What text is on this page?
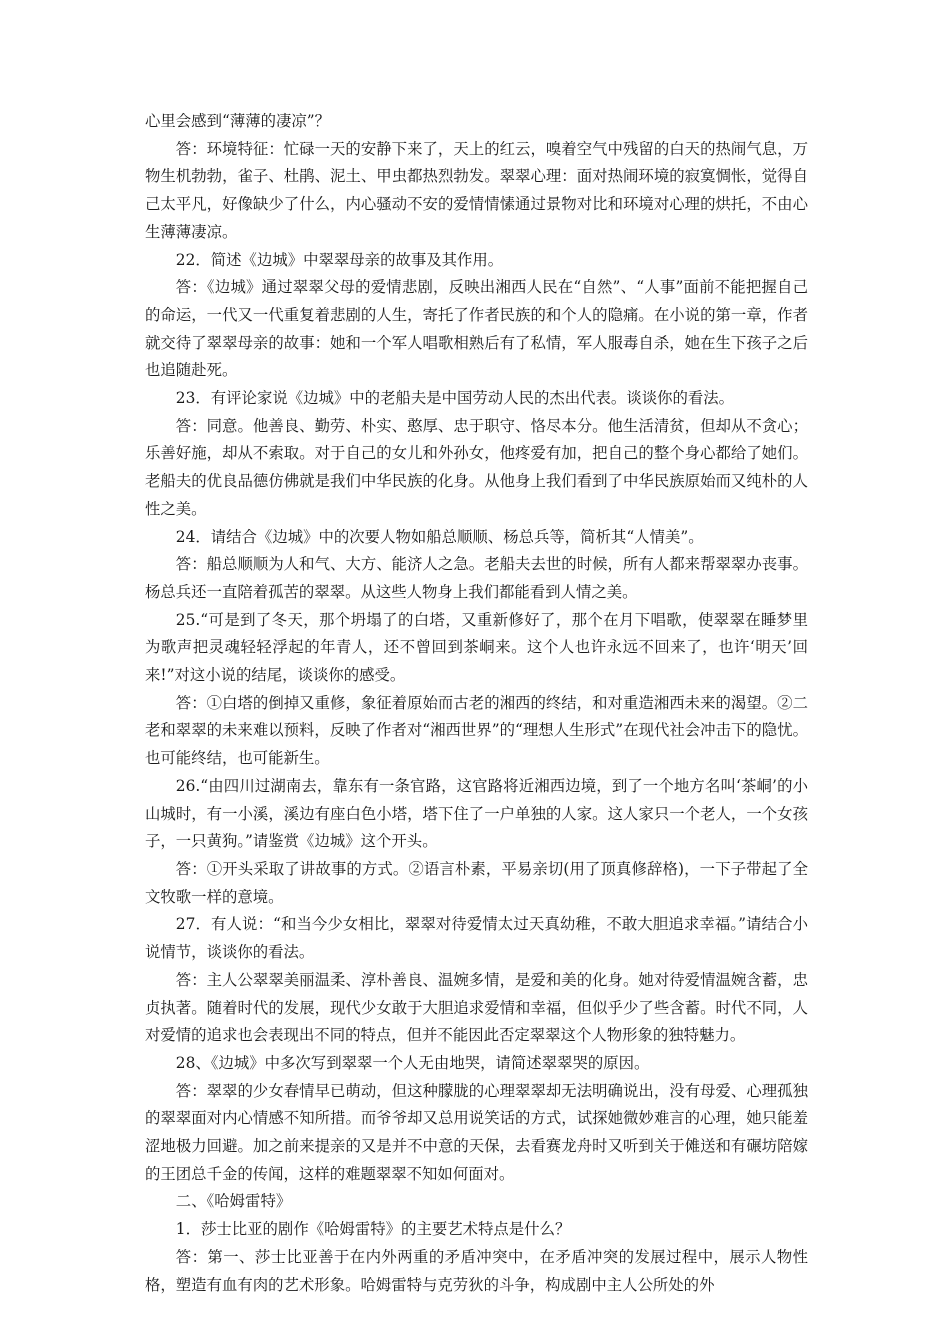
心里会感到“薄薄的凄凉”？

答：环境特征：忙碌一天的安静下来了，天上的红云，嗅着空气中残留的白天的热闹气息，万物生机勃勃，雀子、杜鹃、泥土、甲虫都热烈勃发。翠翠心理：面对热闹环境的寂寞惆怅，觉得自己太平凡，好像缺少了什么，内心骚动不安的爱情情愫通过景物对比和环境对心理的烘托，不由心生薄薄凄凉。

22．简述《边城》中翠翠母亲的故事及其作用。

答：《边城》通过翠翠父母的爱情悲剧，反映出湘西人民在“自然”、“人事”面前不能把握自己的命运，一代又一代重复着悲剧的人生，寄托了作者民族的和个人的隐痛。在小说的第一章，作者就交待了翠翠母亲的故事：她和一个军人唱歌相熟后有了私情，军人服毒自杀，她在生下孩子之后也追随赴死。

23．有评论家说《边城》中的老船夫是中国劳动人民的杰出代表。谈谈你的看法。

答：同意。他善良、勤劳、朴实、憨厚、忠于职守、恪尽本分。他生活清贫，但却从不贪心；乐善好施，却从不索取。对于自己的女儿和外孙女，他疼爱有加，把自己的整个身心都给了她们。老船夫的优良品德仿佛就是我们中华民族的化身。从他身上我们看到了中华民族原始而又纯朴的人性之美。

24．请结合《边城》中的次要人物如船总顺顺、杨总兵等，简析其“人情美”。

答：船总顺顺为人和气、大方、能济人之急。老船夫去世的时候，所有人都来帮翠翠办丧事。杨总兵还一直陪着孤苦的翠翠。从这些人物身上我们都能看到人情之美。

25.“可是到了冬天，那个坍塌了的白塔，又重新修好了，那个在月下唱歌，使翠翠在睡梦里为歌声把灵魂轻轻浮起的年青人，还不曾回到茶峒来。这个人也许永远不回来了，也许‘明天’回来!”对这小说的结尾，谈谈你的感受。

答：①白塔的倒掉又重修，象征着原始而古老的湘西的终结，和对重造湘西未来的渴望。②二老和翠翠的未来难以预料，反映了作者对“湘西世界”的“理想人生形式”在现代社会冲击下的隐忧。也可能终结，也可能新生。

26.“由四川过湖南去，靠东有一条官路，这官路将近湘西边境，到了一个地方名叫‘茶峒’的小山城时，有一小溪，溪边有座白色小塔，塔下住了一户单独的人家。这人家只一个老人，一个女孩子，一只黄狗。”请鉴赏《边城》这个开头。

答：①开头采取了讲故事的方式。②语言朴素，平易亲切(用了顶真修辞格)，一下子带起了全文牧歌一样的意境。

27．有人说：“和当今少女相比，翠翠对待爱情太过天真幼稚，不敢大胆追求幸福。”请结合小说情节，谈谈你的看法。

答：主人公翠翠美丽温柔、淳朴善良、温婉多情，是爱和美的化身。她对待爱情温婉含蓄，忠贞执著。随着时代的发展，现代少女敢于大胆追求爱情和幸福，但似乎少了些含蓄。时代不同，人对爱情的追求也会表现出不同的特点，但并不能因此否定翠翠这个人物形象的独特魅力。

28、《边城》中多次写到翠翠一个人无由地哭，请简述翠翠哭的原因。

答：翠翠的少女春情早已萌动，但这种朦胧的心理翠翠却无法明确说出，没有母爱、心理孤独的翠翠面对内心情感不知所措。而爷爷却又总用说笑话的方式，试探她微妙难言的心理，她只能羞涩地极力回避。加之前来提亲的又是并不中意的天保，去看赛龙舟时又听到关于傩送和有碾坊陪嫁的王团总千金的传闻，这样的难题翠翠不知如何面对。

二、《哈姆雷特》

1．莎士比亚的剧作《哈姆雷特》的主要艺术特点是什么？

答：第一、莎士比亚善于在内外两重的矛盾冲突中，在矛盾冲突的发展过程中，展示人物性格，塑造有血有肉的艺术形象。哈姆雷特与克劳狄的斗争，构成剧中主人公所处的外
